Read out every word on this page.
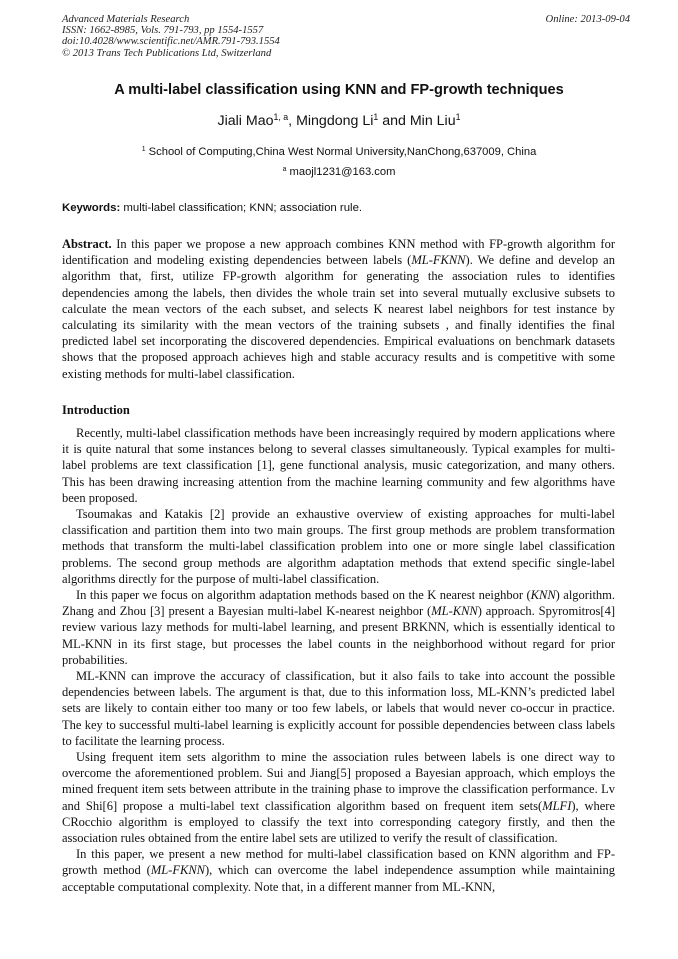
Advanced Materials Research
ISSN: 1662-8985, Vols. 791-793, pp 1554-1557
doi:10.4028/www.scientific.net/AMR.791-793.1554
© 2013 Trans Tech Publications Ltd, Switzerland
Online: 2013-09-04
A multi-label classification using KNN and FP-growth techniques
Jiali Mao$^{1, a}$, Mingdong Li$^1$ and Min Liu$^1$
$^1$ School of Computing,China West Normal University,NanChong,637009, China
$^a$ maojl1231@163.com
Keywords: multi-label classification; KNN; association rule.

Abstract. In this paper we propose a new approach combines KNN method with FP-growth algorithm for identification and modeling existing dependencies between labels (ML-FKNN). We define and develop an algorithm that, first, utilize FP-growth algorithm for generating the association rules to identifies dependencies among the labels, then divides the whole train set into several mutually exclusive subsets to calculate the mean vectors of the each subset, and selects K nearest label neighbors for test instance by calculating its similarity with the mean vectors of the training subsets , and finally identifies the final predicted label set incorporating the discovered dependencies. Empirical evaluations on benchmark datasets shows that the proposed approach achieves high and stable accuracy results and is competitive with some existing methods for multi-label classification.

Introduction

Recently, multi-label classification methods have been increasingly required by modern applications where it is quite natural that some instances belong to several classes simultaneously. Typical examples for multi-label problems are text classification [1], gene functional analysis, music categorization, and many others. This has been drawing increasing attention from the machine learning community and few algorithms have been proposed.

Tsoumakas and Katakis [2] provide an exhaustive overview of existing approaches for multi-label classification and partition them into two main groups. The first group methods are problem transformation methods that transform the multi-label classification problem into one or more single label classification problems. The second group methods are algorithm adaptation methods that extend specific single-label algorithms directly for the purpose of multi-label classification.

In this paper we focus on algorithm adaptation methods based on the K nearest neighbor (KNN) algorithm. Zhang and Zhou [3] present a Bayesian multi-label K-nearest neighbor (ML-KNN) approach. Spyromitros[4] review various lazy methods for multi-label learning, and present BRKNN, which is essentially identical to ML-KNN in its first stage, but processes the label counts in the neighborhood without regard for prior probabilities.

ML-KNN can improve the accuracy of classification, but it also fails to take into account the possible dependencies between labels. The argument is that, due to this information loss, ML-KNN’s predicted label sets are likely to contain either too many or too few labels, or labels that would never co-occur in practice. The key to successful multi-label learning is explicitly account for possible dependencies between class labels to facilitate the learning process.

Using frequent item sets algorithm to mine the association rules between labels is one direct way to overcome the aforementioned problem. Sui and Jiang[5] proposed a Bayesian approach, which employs the mined frequent item sets between attribute in the training phase to improve the classification performance. Lv and Shi[6] propose a multi-label text classification algorithm based on frequent item sets(MLFI), where CRocchio algorithm is employed to classify the text into corresponding category firstly, and then the association rules obtained from the entire label sets are utilized to verify the result of classification.

In this paper, we present a new method for multi-label classification based on KNN algorithm and FP-growth method (ML-FKNN), which can overcome the label independence assumption while maintaining acceptable computational complexity. Note that, in a different manner from ML-KNN,
